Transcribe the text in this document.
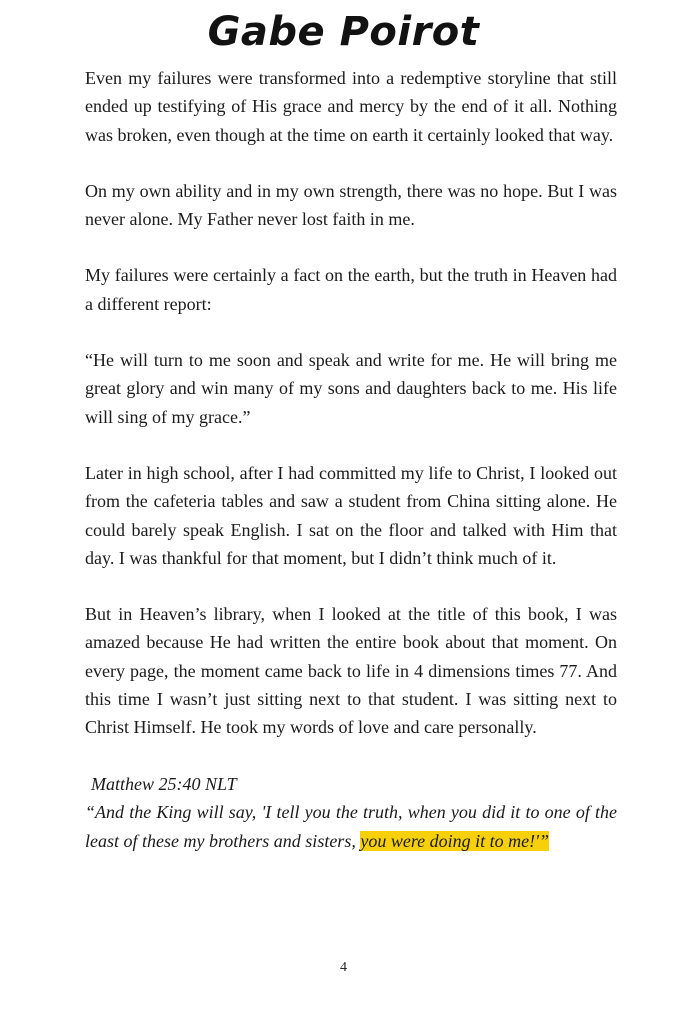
Gabe Poirot

Even my failures were transformed into a redemptive storyline that still ended up testifying of His grace and mercy by the end of it all. Nothing was broken, even though at the time on earth it certainly looked that way.

On my own ability and in my own strength, there was no hope. But I was never alone. My Father never lost faith in me.

My failures were certainly a fact on the earth, but the truth in Heaven had a different report:

“He will turn to me soon and speak and write for me. He will bring me great glory and win many of my sons and daughters back to me. His life will sing of my grace.”

Later in high school, after I had committed my life to Christ, I looked out from the cafeteria tables and saw a student from China sitting alone. He could barely speak English. I sat on the floor and talked with Him that day. I was thankful for that moment, but I didn’t think much of it.

But in Heaven’s library, when I looked at the title of this book, I was amazed because He had written the entire book about that moment. On every page, the moment came back to life in 4 dimensions times 77. And this time I wasn’t just sitting next to that student. I was sitting next to Christ Himself. He took my words of love and care personally.

Matthew 25:40 NLT

“And the King will say, 'I tell you the truth, when you did it to one of the least of these my brothers and sisters, you were doing it to me!'”

4
